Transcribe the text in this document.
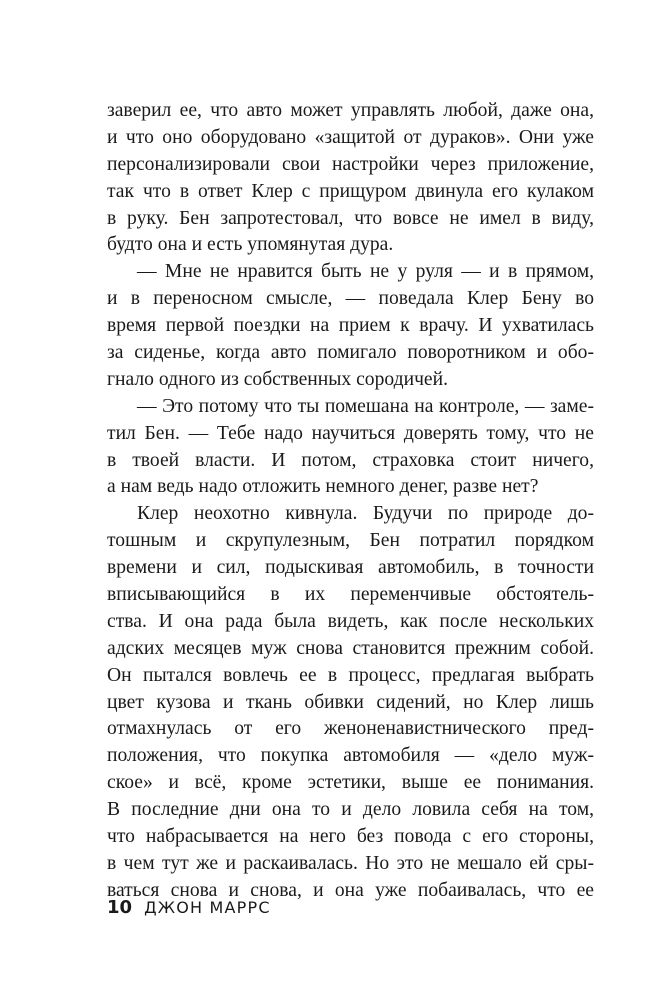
заверил ее, что авто может управлять любой, даже она,
и что оно оборудовано «защитой от дураков». Они уже
персонализировали свои настройки через приложение,
так что в ответ Клер с прищуром двинула его кулаком
в руку. Бен запротестовал, что вовсе не имел в виду,
будто она и есть упомянутая дура.
— Мне не нравится быть не у руля — и в прямом,
и в переносном смысле, — поведала Клер Бену во
время первой поездки на прием к врачу. И ухватилась
за сиденье, когда авто помигало поворотником и обо-
гнало одного из собственных сородичей.
— Это потому что ты помешана на контроле, — заме-
тил Бен. — Тебе надо научиться доверять тому, что не
в твоей власти. И потом, страховка стоит ничего,
а нам ведь надо отложить немного денег, разве нет?
Клер неохотно кивнула. Будучи по природе до-
тошным и скрупулезным, Бен потратил порядком
времени и сил, подыскивая автомобиль, в точности
вписывающийся в их переменчивые обстоятель-
ства. И она рада была видеть, как после нескольких
адских месяцев муж снова становится прежним собой.
Он пытался вовлечь ее в процесс, предлагая выбрать
цвет кузова и ткань обивки сидений, но Клер лишь
отмахнулась от его женоненавистнического пред-
положения, что покупка автомобиля — «дело муж-
ское» и всё, кроме эстетики, выше ее понимания.
В последние дни она то и дело ловила себя на том,
что набрасывается на него без повода с его стороны,
в чем тут же и раскаивалась. Но это не мешало ей сры-
ваться снова и снова, и она уже побаивалась, что ее
10 ДЖОН МАРРС
